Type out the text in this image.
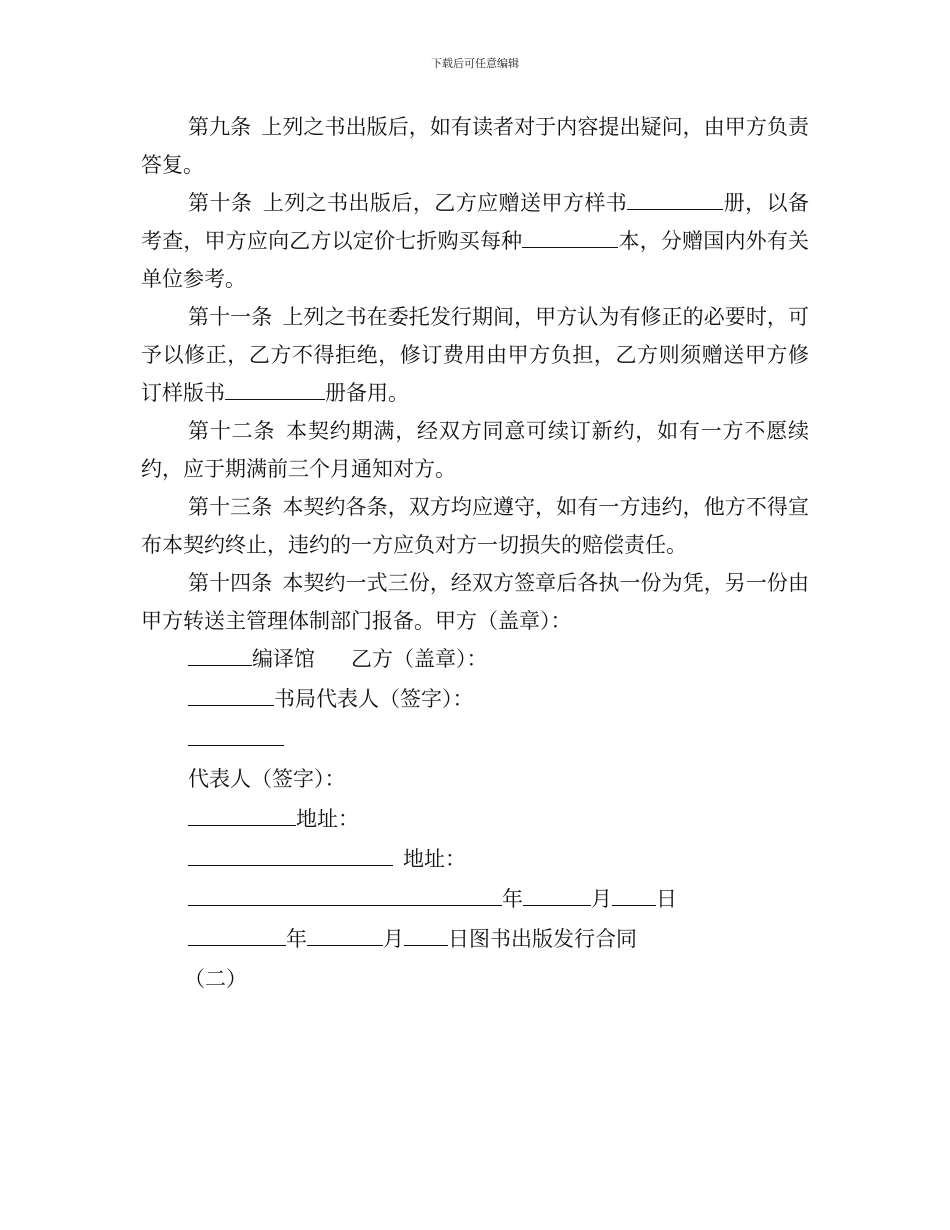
下载后可任意编辑

第九条 上列之书出版后，如有读者对于内容提出疑问，由甲方负责答复。

第十条 上列之书出版后，乙方应赠送甲方样书	册，以备考查，甲方应向乙方以定价七折购买每种	本，分赠国内外有关单位参考。

第十一条 上列之书在委托发行期间，甲方认为有修正的必要时，可予以修正，乙方不得拒绝，修订费用由甲方负担，乙方则须赠送甲方修订样版书	册备用。

第十二条 本契约期满，经双方同意可续订新约，如有一方不愿续约，应于期满前三个月通知对方。

第十三条 本契约各条，双方均应遵守，如有一方违约，他方不得宣布本契约终止，违约的一方应负对方一切损失的赔偿责任。

第十四条 本契约一式三份，经双方签章后各执一份为凭，另一份由甲方转送主管理体制部门报备。甲方（盖章）：

编译馆 乙方（盖章）：

书局代表人（签字）：

代表人（签字）：

地址：

地址：

年	月 日

年	月 日图书出版发行合同

（二）
